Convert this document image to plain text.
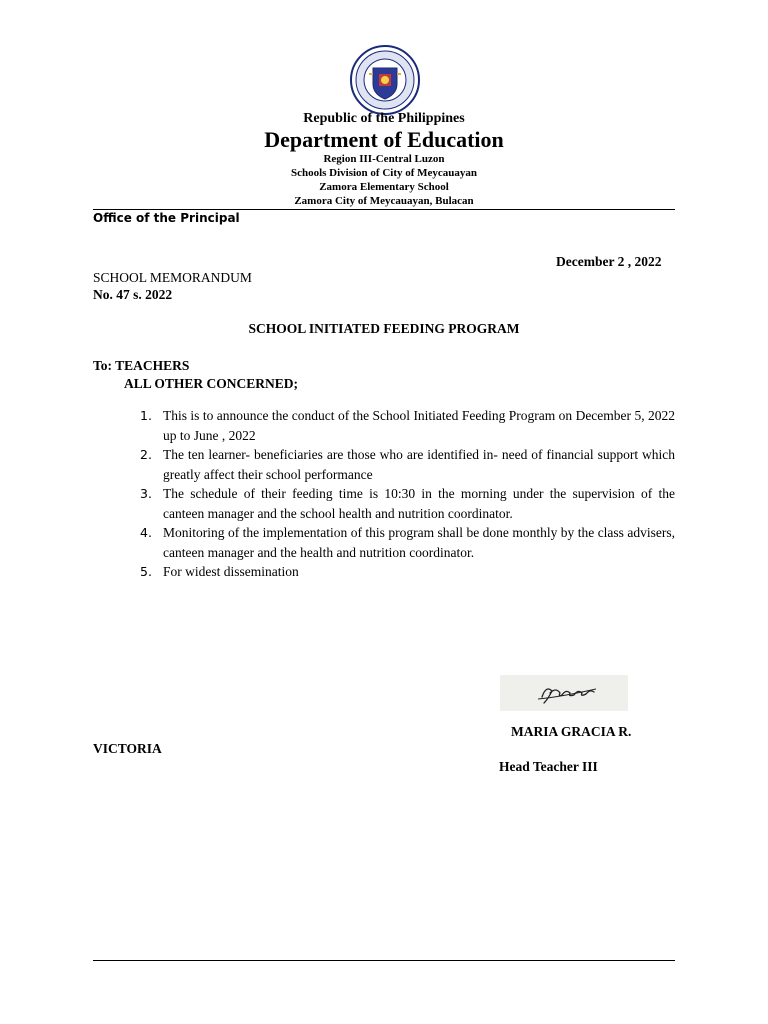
Republic of the Philippines
Department of Education
Region III-Central Luzon
Schools Division of City of Meycauayan
Zamora Elementary School
Zamora City of Meycauayan, Bulacan
Office of the Principal
December 2 , 2022
SCHOOL MEMORANDUM
No. 47 s. 2022
SCHOOL INITIATED FEEDING PROGRAM
To: TEACHERS
ALL OTHER CONCERNED;
1. This is to announce the conduct of the School Initiated Feeding Program on December 5, 2022 up to June , 2022
2. The ten learner- beneficiaries are those who are identified in- need of financial support which greatly affect their school performance
3. The schedule of their feeding time is 10:30 in the morning under the supervision of the canteen manager and the school health and nutrition coordinator.
4. Monitoring of the implementation of this program shall be done monthly by the class advisers, canteen manager and the health and nutrition coordinator.
5. For widest dissemination
MARIA GRACIA R.
VICTORIA
Head Teacher III
